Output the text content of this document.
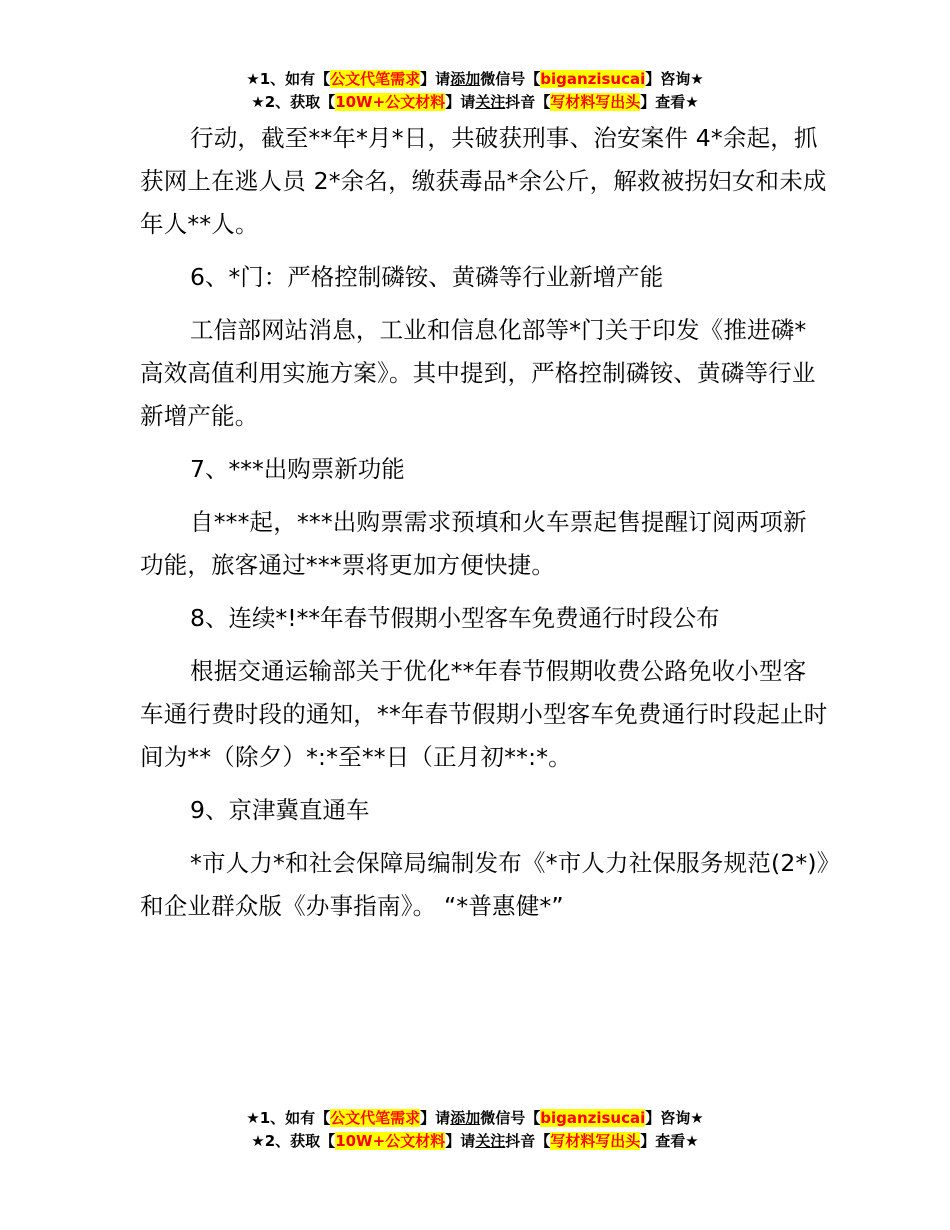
★1、如有【公文代笔需求】请添加微信号【biganzisucai】咨询★
★2、获取【10W+公文材料】请关注抖音【写材料写出头】查看★

行动，截至**年*月*日，共破获刑事、治安案件 4*余起，抓获网上在逃人员 2*余名，缴获毒品*余公斤，解救被拐妇女和未成年人**人。

6、*门：严格控制磷铵、黄磷等行业新增产能

工信部网站消息，工业和信息化部等*门关于印发《推进磷*高效高值利用实施方案》。其中提到，严格控制磷铵、黄磷等行业新增产能。

7、***出购票新功能

自***起，***出购票需求预填和火车票起售提醒订阅两项新功能，旅客通过***票将更加方便快捷。

8、连续*!**年春节假期小型客车免费通行时段公布

根据交通运输部关于优化**年春节假期收费公路免收小型客车通行费时段的通知，**年春节假期小型客车免费通行时段起止时间为**（除夕）*:*至**日（正月初**:*。

9、京津冀直通车

*市人力*和社会保障局编制发布《*市人力社保服务规范(2*)》和企业群众版《办事指南》。 “*普惠健*”

★1、如有【公文代笔需求】请添加微信号【biganzisucai】咨询★
★2、获取【10W+公文材料】请关注抖音【写材料写出头】查看★
